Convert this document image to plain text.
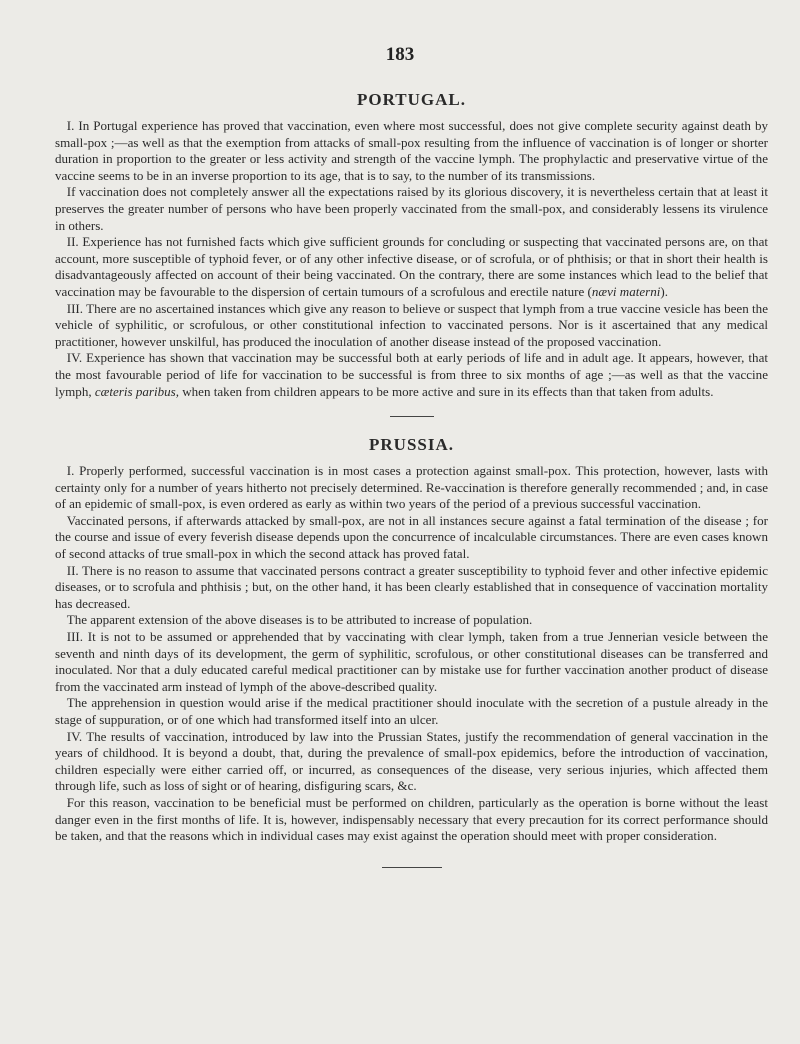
183
PORTUGAL.

I. In Portugal experience has proved that vaccination, even where most successful, does not give complete security against death by small-pox ;—as well as that the exemption from attacks of small-pox resulting from the influence of vaccination is of longer or shorter duration in proportion to the greater or less activity and strength of the vaccine lymph. The prophylactic and preservative virtue of the vaccine seems to be in an inverse proportion to its age, that is to say, to the number of its transmissions.

If vaccination does not completely answer all the expectations raised by its glorious discovery, it is nevertheless certain that at least it preserves the greater number of persons who have been properly vaccinated from the small-pox, and considerably lessens its virulence in others.

II. Experience has not furnished facts which give sufficient grounds for concluding or suspecting that vaccinated persons are, on that account, more susceptible of typhoid fever, or of any other infective disease, or of scrofula, or of phthisis; or that in short their health is disadvantageously affected on account of their being vaccinated. On the contrary, there are some instances which lead to the belief that vaccination may be favourable to the dispersion of certain tumours of a scrofulous and erectile nature (nævi materni).

III. There are no ascertained instances which give any reason to believe or suspect that lymph from a true vaccine vesicle has been the vehicle of syphilitic, or scrofulous, or other constitutional infection to vaccinated persons. Nor is it ascertained that any medical practitioner, however unskilful, has produced the inoculation of another disease instead of the proposed vaccination.

IV. Experience has shown that vaccination may be successful both at early periods of life and in adult age. It appears, however, that the most favourable period of life for vaccination to be successful is from three to six months of age ;—as well as that the vaccine lymph, cæteris paribus, when taken from children appears to be more active and sure in its effects than that taken from adults.

PRUSSIA.

I. Properly performed, successful vaccination is in most cases a protection against small-pox. This protection, however, lasts with certainty only for a number of years hitherto not precisely determined. Re-vaccination is therefore generally recommended ; and, in case of an epidemic of small-pox, is even ordered as early as within two years of the period of a previous successful vaccination.

Vaccinated persons, if afterwards attacked by small-pox, are not in all instances secure against a fatal termination of the disease ; for the course and issue of every feverish disease depends upon the concurrence of incalculable circumstances. There are even cases known of second attacks of true small-pox in which the second attack has proved fatal.

II. There is no reason to assume that vaccinated persons contract a greater susceptibility to typhoid fever and other infective epidemic diseases, or to scrofula and phthisis ; but, on the other hand, it has been clearly established that in consequence of vaccination mortality has decreased.

The apparent extension of the above diseases is to be attributed to increase of population.

III. It is not to be assumed or apprehended that by vaccinating with clear lymph, taken from a true Jennerian vesicle between the seventh and ninth days of its development, the germ of syphilitic, scrofulous, or other constitutional diseases can be transferred and inoculated. Nor that a duly educated careful medical practitioner can by mistake use for further vaccination another product of disease from the vaccinated arm instead of lymph of the above-described quality.

The apprehension in question would arise if the medical practitioner should inoculate with the secretion of a pustule already in the stage of suppuration, or of one which had transformed itself into an ulcer.

IV. The results of vaccination, introduced by law into the Prussian States, justify the recommendation of general vaccination in the years of childhood. It is beyond a doubt, that, during the prevalence of small-pox epidemics, before the introduction of vaccination, children especially were either carried off, or incurred, as consequences of the disease, very serious injuries, which affected them through life, such as loss of sight or of hearing, disfiguring scars, &c.

For this reason, vaccination to be beneficial must be performed on children, particularly as the operation is borne without the least danger even in the first months of life. It is, however, indispensably necessary that every precaution for its correct performance should be taken, and that the reasons which in individual cases may exist against the operation should meet with proper consideration.
